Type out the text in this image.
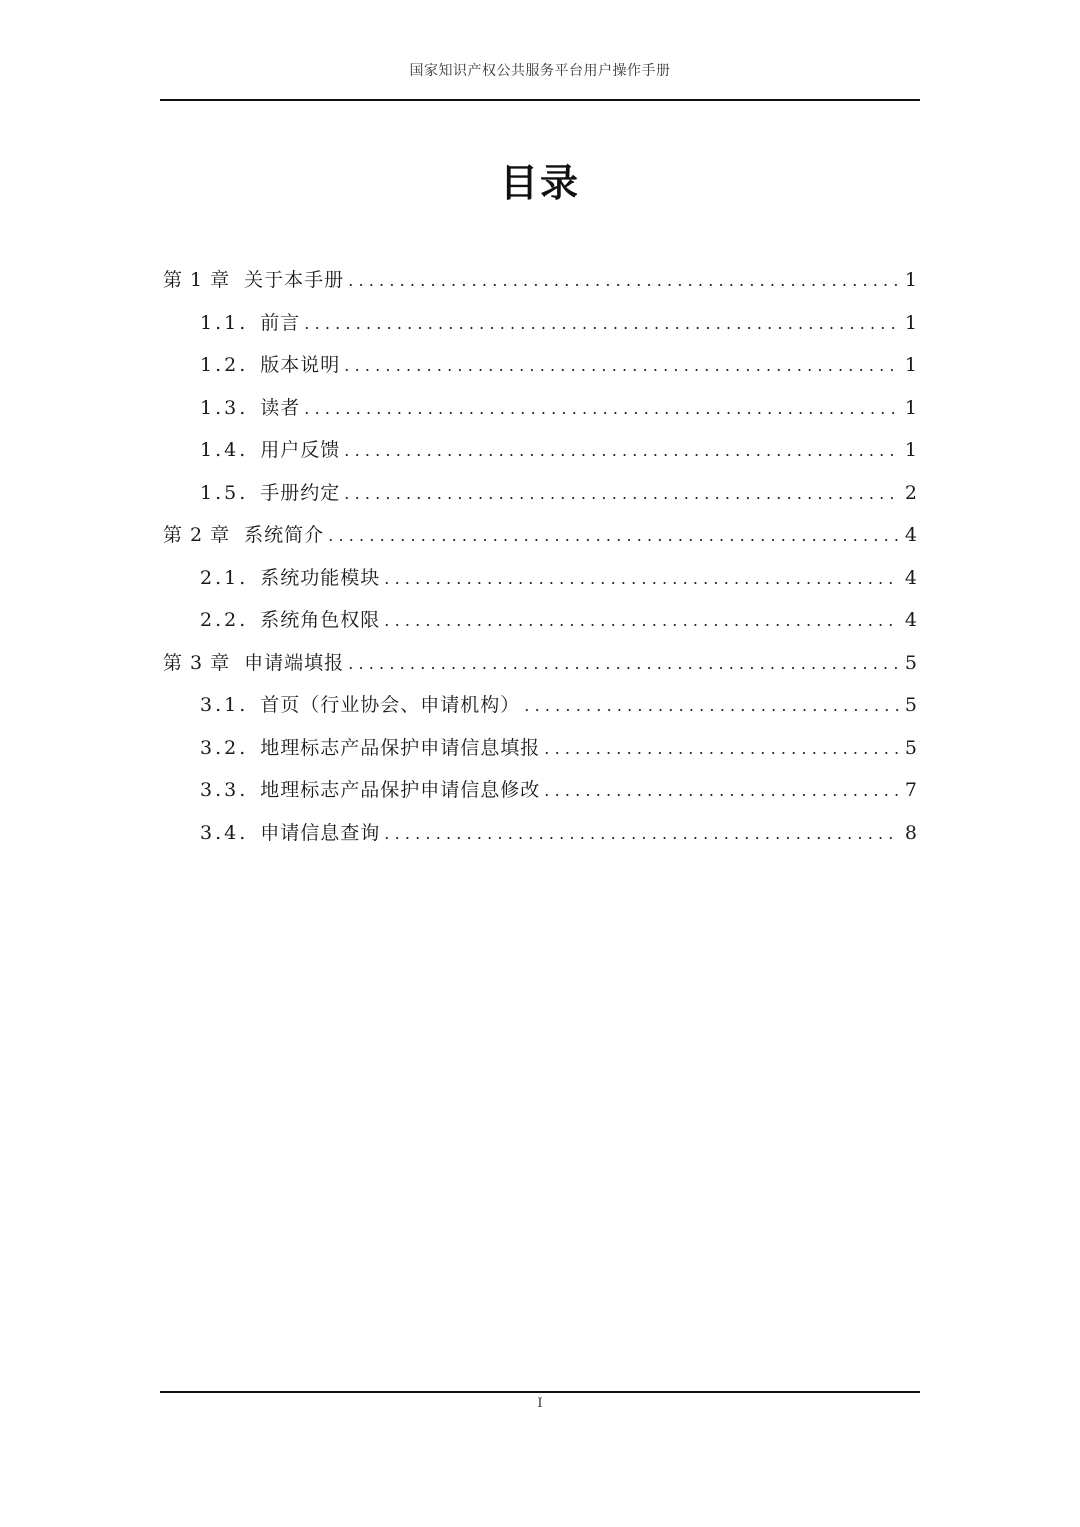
国家知识产权公共服务平台用户操作手册
目录
第 1 章 关于本手册 .....	1
1.1. 前言 .....	1
1.2. 版本说明 .....	1
1.3. 读者 .....	1
1.4. 用户反馈 .....	1
1.5. 手册约定 .....	2
第 2 章 系统简介 .....	4
2.1. 系统功能模块 .....	4
2.2. 系统角色权限 .....	4
第 3 章 申请端填报 .....	5
3.1. 首页（行业协会、申请机构） .....	5
3.2. 地理标志产品保护申请信息填报 .....	5
3.3. 地理标志产品保护申请信息修改 .....	7
3.4. 申请信息查询 .....	8
I
